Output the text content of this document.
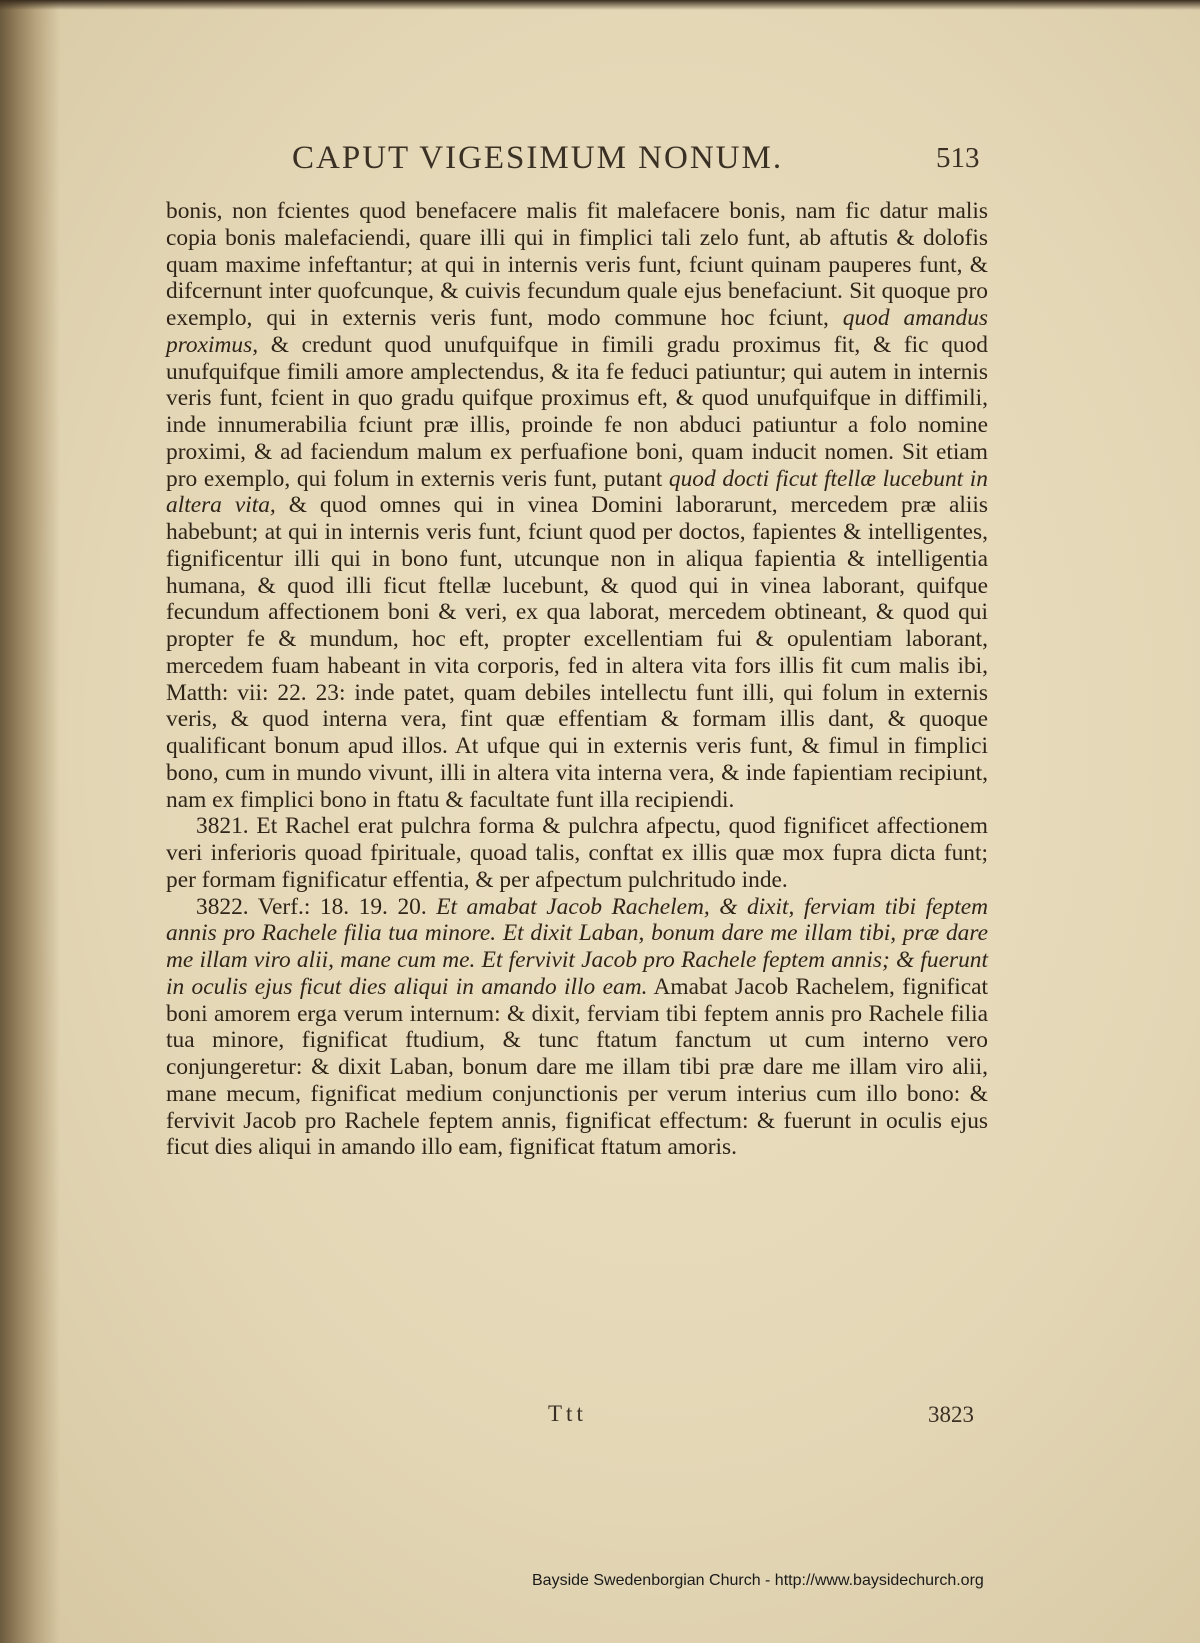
CAPUT VIGESIMUM NONUM.	513

bonis, non fcientes quod benefacere malis fit malefacere bonis, nam fic datur malis copia bonis malefaciendi, quare illi qui in fimplici tali zelo funt, ab aftutis & dolofis quam maxime infeftantur; at qui in internis veris funt, fciunt quinam pauperes funt, & difcernunt inter quofcunque, & cuivis fecundum quale ejus benefaciunt. Sit quoque pro exemplo, qui in externis veris funt, modo commune hoc fciunt, quod amandus proximus, & credunt quod unufquifque in fimili gradu proximus fit, & fic quod unufquifque fimili amore amplectendus, & ita fe feduci patiuntur; qui autem in internis veris funt, fcient in quo gradu quifque proximus eft, & quod unufquifque in diffimili, inde innumerabilia fciunt præ illis, proinde fe non abduci patiuntur a folo nomine proximi, & ad faciendum malum ex perfuafione boni, quam inducit nomen. Sit etiam pro exemplo, qui folum in externis veris funt, putant quod docti ficut ftellæ lucebunt in altera vita, & quod omnes qui in vinea Domini laborarunt, mercedem præ aliis habebunt; at qui in internis veris funt, fciunt quod per doctos, fapientes & intelligentes, fignificentur illi qui in bono funt, utcunque non in aliqua fapientia & intelligentia humana, & quod illi ficut ftellæ lucebunt, & quod qui in vinea laborant, quifque fecundum affectionem boni & veri, ex qua laborat, mercedem obtineant, & quod qui propter fe & mundum, hoc eft, propter excellentiam fui & opulentiam laborant, mercedem fuam habeant in vita corporis, fed in altera vita fors illis fit cum malis ibi, Matth: vii: 22. 23: inde patet, quam debiles intellectu funt illi, qui folum in externis veris, & quod interna vera, fint quæ effentiam & formam illis dant, & quoque qualificant bonum apud illos. At ufque qui in externis veris funt, & fimul in fimplici bono, cum in mundo vivunt, illi in altera vita interna vera, & inde fapientiam recipiunt, nam ex fimplici bono in ftatu & facultate funt illa recipiendi.

3821. Et Rachel erat pulchra forma & pulchra afpectu, quod fignificet affectionem veri inferioris quoad fpirituale, quoad talis, conftat ex illis quæ mox fupra dicta funt; per formam fignificatur effentia, & per afpectum pulchritudo inde.

3822. Verf.: 18. 19. 20. Et amabat Jacob Rachelem, & dixit, ferviam tibi feptem annis pro Rachele filia tua minore. Et dixit Laban, bonum dare me illam tibi, præ dare me illam viro alii, mane cum me. Et fervivit Jacob pro Rachele feptem annis; & fuerunt in oculis ejus ficut dies aliqui in amando illo eam. Amabat Jacob Rachelem, fignificat boni amorem erga verum internum: & dixit, ferviam tibi feptem annis pro Rachele filia tua minore, fignificat ftudium, & tunc ftatum fanctum ut cum interno vero conjungeretur: & dixit Laban, bonum dare me illam tibi præ dare me illam viro alii, mane mecum, fignificat medium conjunctionis per verum interius cum illo bono: & fervivit Jacob pro Rachele feptem annis, fignificat effectum: & fuerunt in oculis ejus ficut dies aliqui in amando illo eam, fignificat ftatum amoris.

Ttt	3823
Bayside Swedenborgian Church - http://www.baysidechurch.org
